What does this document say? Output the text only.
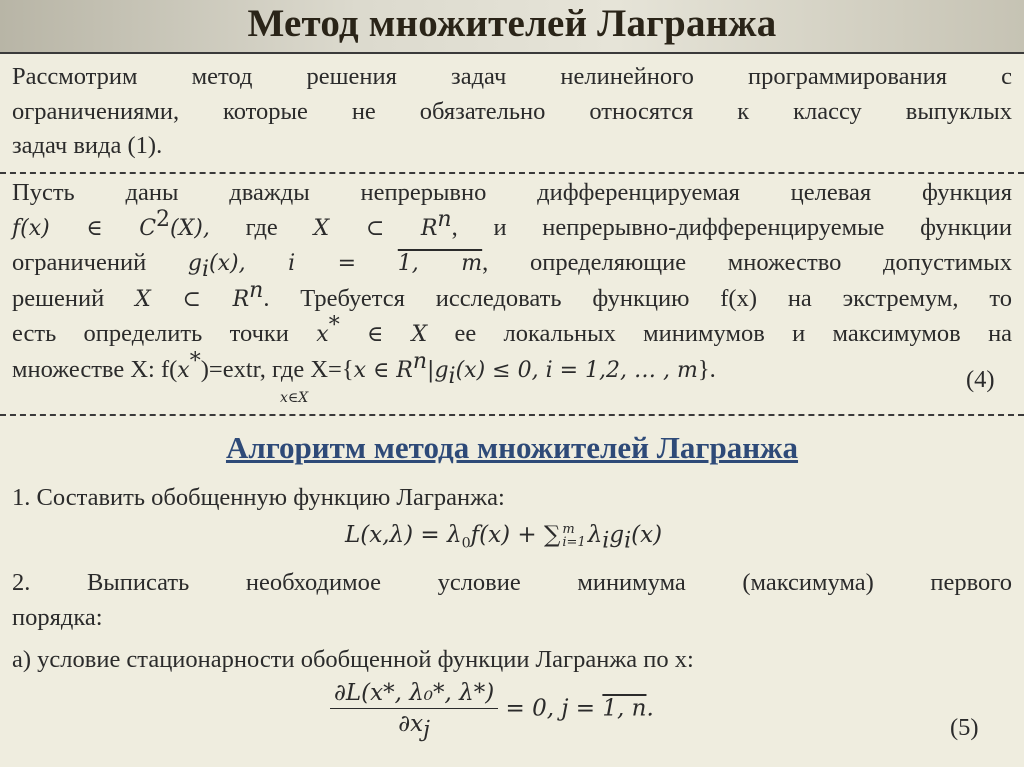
Метод множителей Лагранжа
Рассмотрим метод решения задач нелинейного программирования с
ограничениями, которые не обязательно относятся к классу выпуклых
задач вида (1).
Пусть даны дважды непрерывно дифференцируемая целевая функция
f(x) ∈ $C^2(X)$, где X ⊂ $R^n$, и непрерывно-дифференцируемые функции
ограничений $g_i(x)$, i = 1, m, определяющие множество допустимых
решений X ⊂ $R^n$. Требуется исследовать функцию f(x) на экстремум, то
есть определить точки x* ∈ X ее локальных минимумов и максимумов на
множестве X: f(x*)=extr, где X={x ∈ $R^n|g_i(x) \le 0$, i = 1,2, … , m}.
x∈X
(4)
Алгоритм метода множителей Лагранжа
1. Составить обобщенную функцию Лагранжа:
$L(x,\lambda) = \lambda_0f(x)$ + ∑ m
i=1 $\lambda_ig_i(x)$
2. Выписать необходимое условие минимума (максимума) первого
порядка:
а) условие стационарности обобщенной функции Лагранжа по x:
$\frac{\text{∂L(x*, λ₀*, λ*)}}{\partial x_j} = 0$, j = 1, n.
(5)
